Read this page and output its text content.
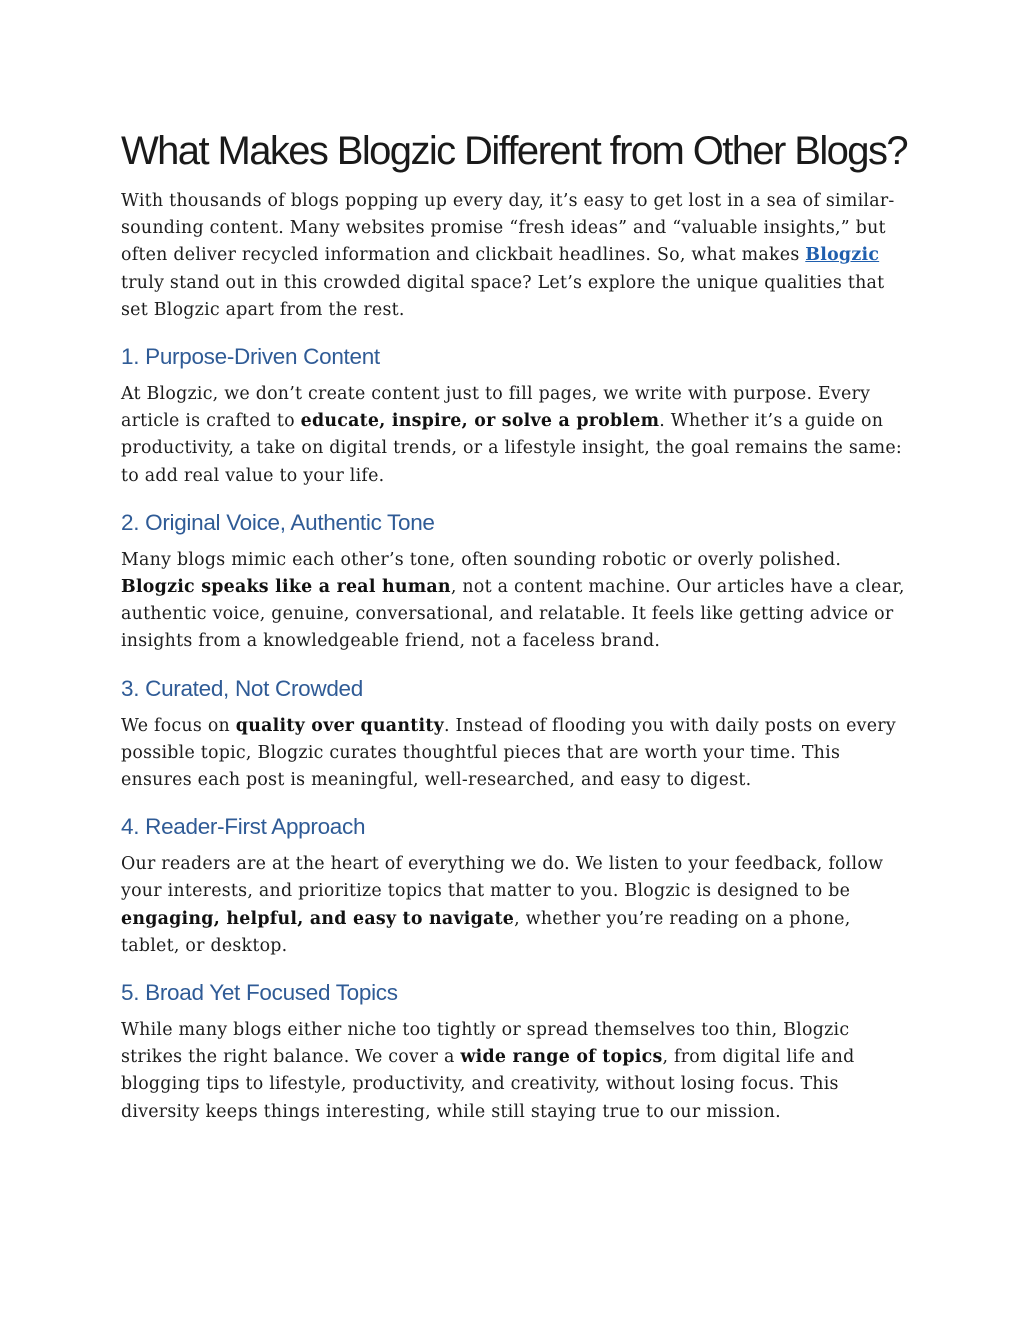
What Makes Blogzic Different from Other Blogs?

With thousands of blogs popping up every day, it’s easy to get lost in a sea of similar-sounding content. Many websites promise “fresh ideas” and “valuable insights,” but often deliver recycled information and clickbait headlines. So, what makes Blogzic truly stand out in this crowded digital space? Let’s explore the unique qualities that set Blogzic apart from the rest.

1. Purpose-Driven Content

At Blogzic, we don’t create content just to fill pages, we write with purpose. Every article is crafted to educate, inspire, or solve a problem. Whether it’s a guide on productivity, a take on digital trends, or a lifestyle insight, the goal remains the same: to add real value to your life.

2. Original Voice, Authentic Tone

Many blogs mimic each other’s tone, often sounding robotic or overly polished. Blogzic speaks like a real human, not a content machine. Our articles have a clear, authentic voice, genuine, conversational, and relatable. It feels like getting advice or insights from a knowledgeable friend, not a faceless brand.

3. Curated, Not Crowded

We focus on quality over quantity. Instead of flooding you with daily posts on every possible topic, Blogzic curates thoughtful pieces that are worth your time. This ensures each post is meaningful, well-researched, and easy to digest.

4. Reader-First Approach

Our readers are at the heart of everything we do. We listen to your feedback, follow your interests, and prioritize topics that matter to you. Blogzic is designed to be engaging, helpful, and easy to navigate, whether you’re reading on a phone, tablet, or desktop.

5. Broad Yet Focused Topics

While many blogs either niche too tightly or spread themselves too thin, Blogzic strikes the right balance. We cover a wide range of topics, from digital life and blogging tips to lifestyle, productivity, and creativity, without losing focus. This diversity keeps things interesting, while still staying true to our mission.
